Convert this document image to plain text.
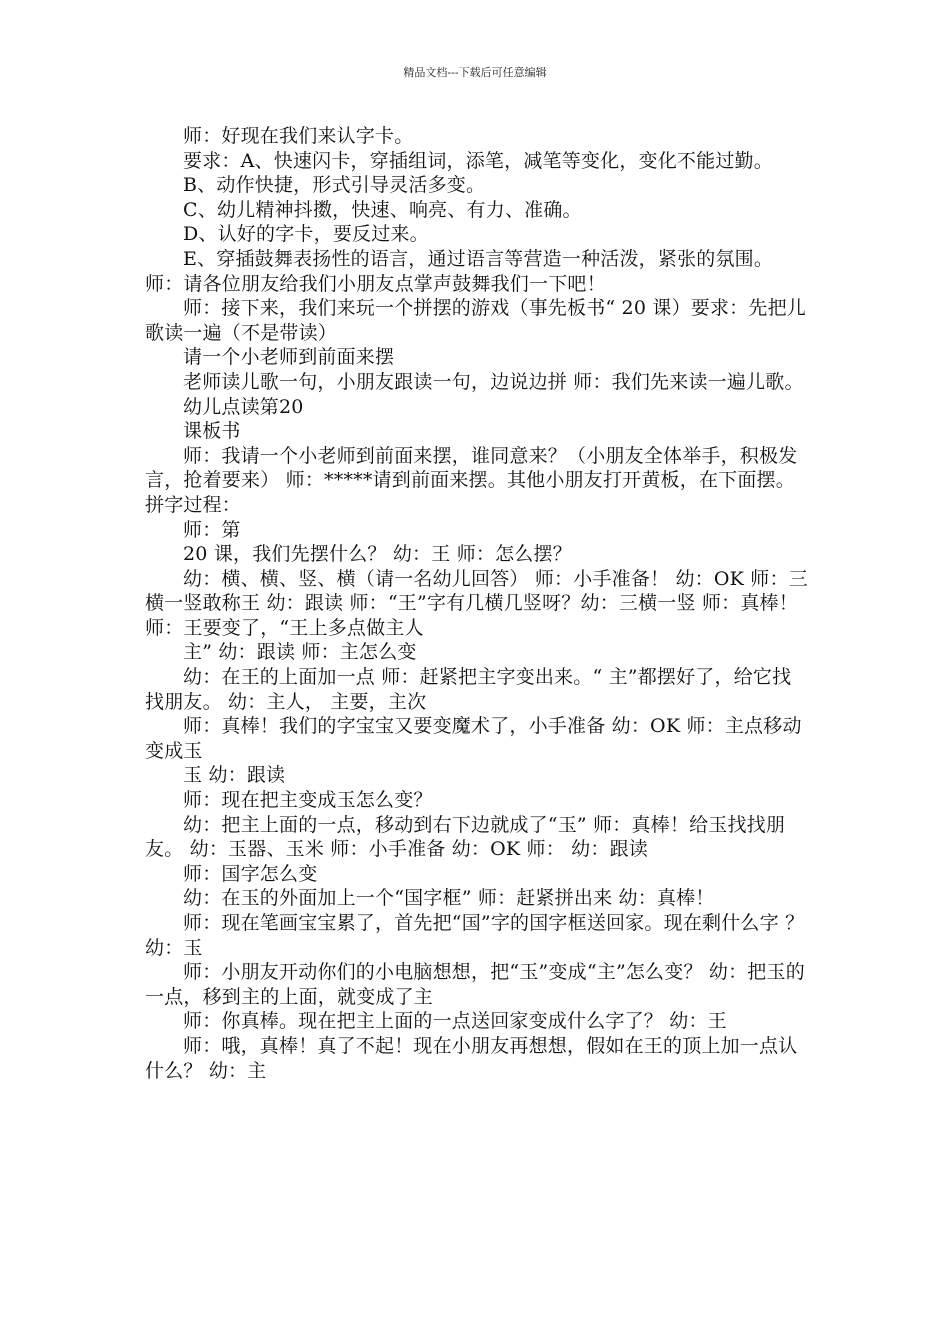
精品文档---下载后可任意编辑

师：好现在我们来认字卡。

要求：A、快速闪卡，穿插组词，添笔，减笔等变化，变化不能过勤。

B、动作快捷，形式引导灵活多变。

C、幼儿精神抖擞，快速、响亮、有力、准确。

D、认好的字卡，要反过来。

E、穿插鼓舞表扬性的语言，通过语言等营造一种活泼，紧张的氛围。 师：请各位朋友给我们小朋友点掌声鼓舞我们一下吧！

师：接下来，我们来玩一个拼摆的游戏（事先板书“ 20 课）要求：先把儿歌读一遍（不是带读）

请一个小老师到前面来摆

老师读儿歌一句，小朋友跟读一句，边说边拼 师：我们先来读一遍儿歌。

幼儿点读第20

课板书

师：我请一个小老师到前面来摆，谁同意来？（小朋友全体举手，积极发言，抢着要来） 师：*****请到前面来摆。其他小朋友打开黄板，在下面摆。 拼字过程：

师：第

20 课，我们先摆什么？ 幼：王 师：怎么摆？

幼：横、横、竖、横（请一名幼儿回答） 师：小手准备！ 幼：OK 师：三横一竖敢称王 幼：跟读 师：“王”字有几横几竖呀？幼：三横一竖 师：真棒！ 师：王要变了，“王上多点做主人

主” 幼：跟读 师：主怎么变

幼：在王的上面加一点 师：赶紧把主字变出来。“ 主”都摆好了，给它找找朋友。 幼：主人， 主要，主次

师：真棒！我们的字宝宝又要变魔术了，小手准备 幼：OK 师：主点移动变成玉

玉 幼：跟读

师：现在把主变成玉怎么变？

幼：把主上面的一点，移动到右下边就成了“玉” 师：真棒！给玉找找朋友。 幼：玉器、玉米 师：小手准备 幼：OK 师： 幼：跟读

师：国字怎么变

幼：在玉的外面加上一个“国字框” 师：赶紧拼出来 幼：真棒！

师：现在笔画宝宝累了，首先把“国”字的国字框送回家。现在剩什么字 ？ 幼：玉

师：小朋友开动你们的小电脑想想，把“玉”变成“主”怎么变？ 幼：把玉的一点，移到主的上面，就变成了主

师：你真棒。现在把主上面的一点送回家变成什么字了？ 幼：王

师：哦，真棒！真了不起！现在小朋友再想想，假如在王的顶上加一点认什么？ 幼：主
